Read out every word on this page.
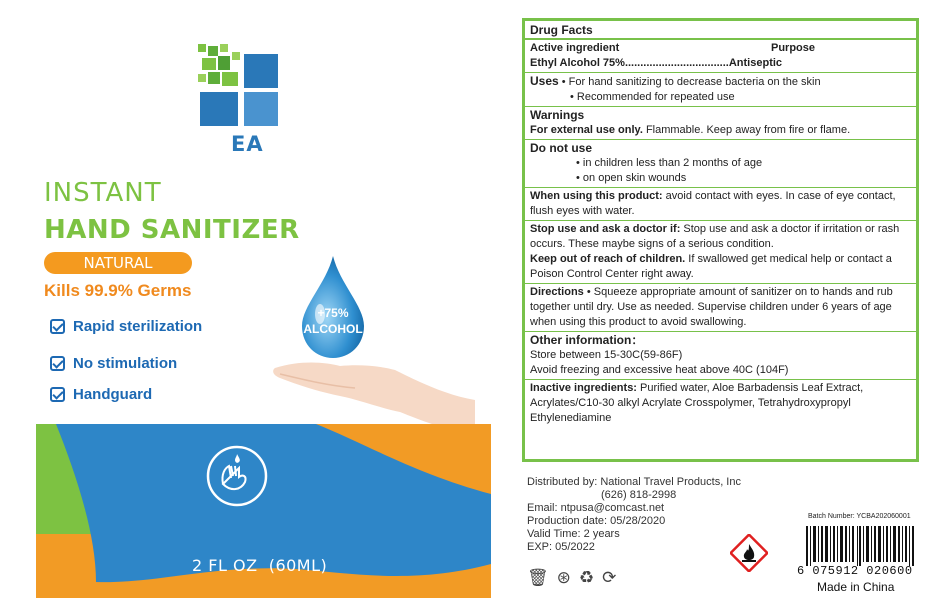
EA
INSTANT
HAND SANITIZER
NATURAL
Kills 99.9% Germs
Rapid sterilization
No stimulation
Handguard
+75%
ALCOHOL
2 FL OZ  (60ML)
Drug Facts
Active ingredient	Purpose
Ethyl Alcohol 75%..................................Antiseptic
Uses • For hand sanitizing to decrease bacteria on the skin
• Recommended for repeated use
Warnings
For external use only. Flammable. Keep away from fire or flame.
Do not use
• in children less than 2 months of age
• on open skin wounds
When using this product: avoid contact with eyes. In case of eye contact, flush eyes with water.
Stop use and ask a doctor if: Stop use and ask a doctor if irritation or rash occurs. These maybe signs of a serious condition.
Keep out of reach of children. If swallowed get medical help or contact a Poison Control Center right away.
Directions • Squeeze appropriate amount of sanitizer on to hands and rub together until dry. Use as needed. Supervise children under 6 years of age when using this product to avoid swallowing.
Other information：
Store between 15-30C(59-86F)
Avoid freezing and excessive heat above 40C (104F)
Inactive ingredients: Purified water, Aloe Barbadensis Leaf Extract, Acrylates/C10-30 alkyl Acrylate Crosspolymer, Tetrahydroxypropyl Ethylenediamine
Distributed by: National Travel Products, Inc
(626) 818-2998
Email: ntpusa@comcast.net
Production date: 05/28/2020
Valid Time: 2 years
EXP: 05/2022
🗑 ⊛ ♻ ⟳
Batch Number: YCBA202060001
6 075912 020600
Made in China
